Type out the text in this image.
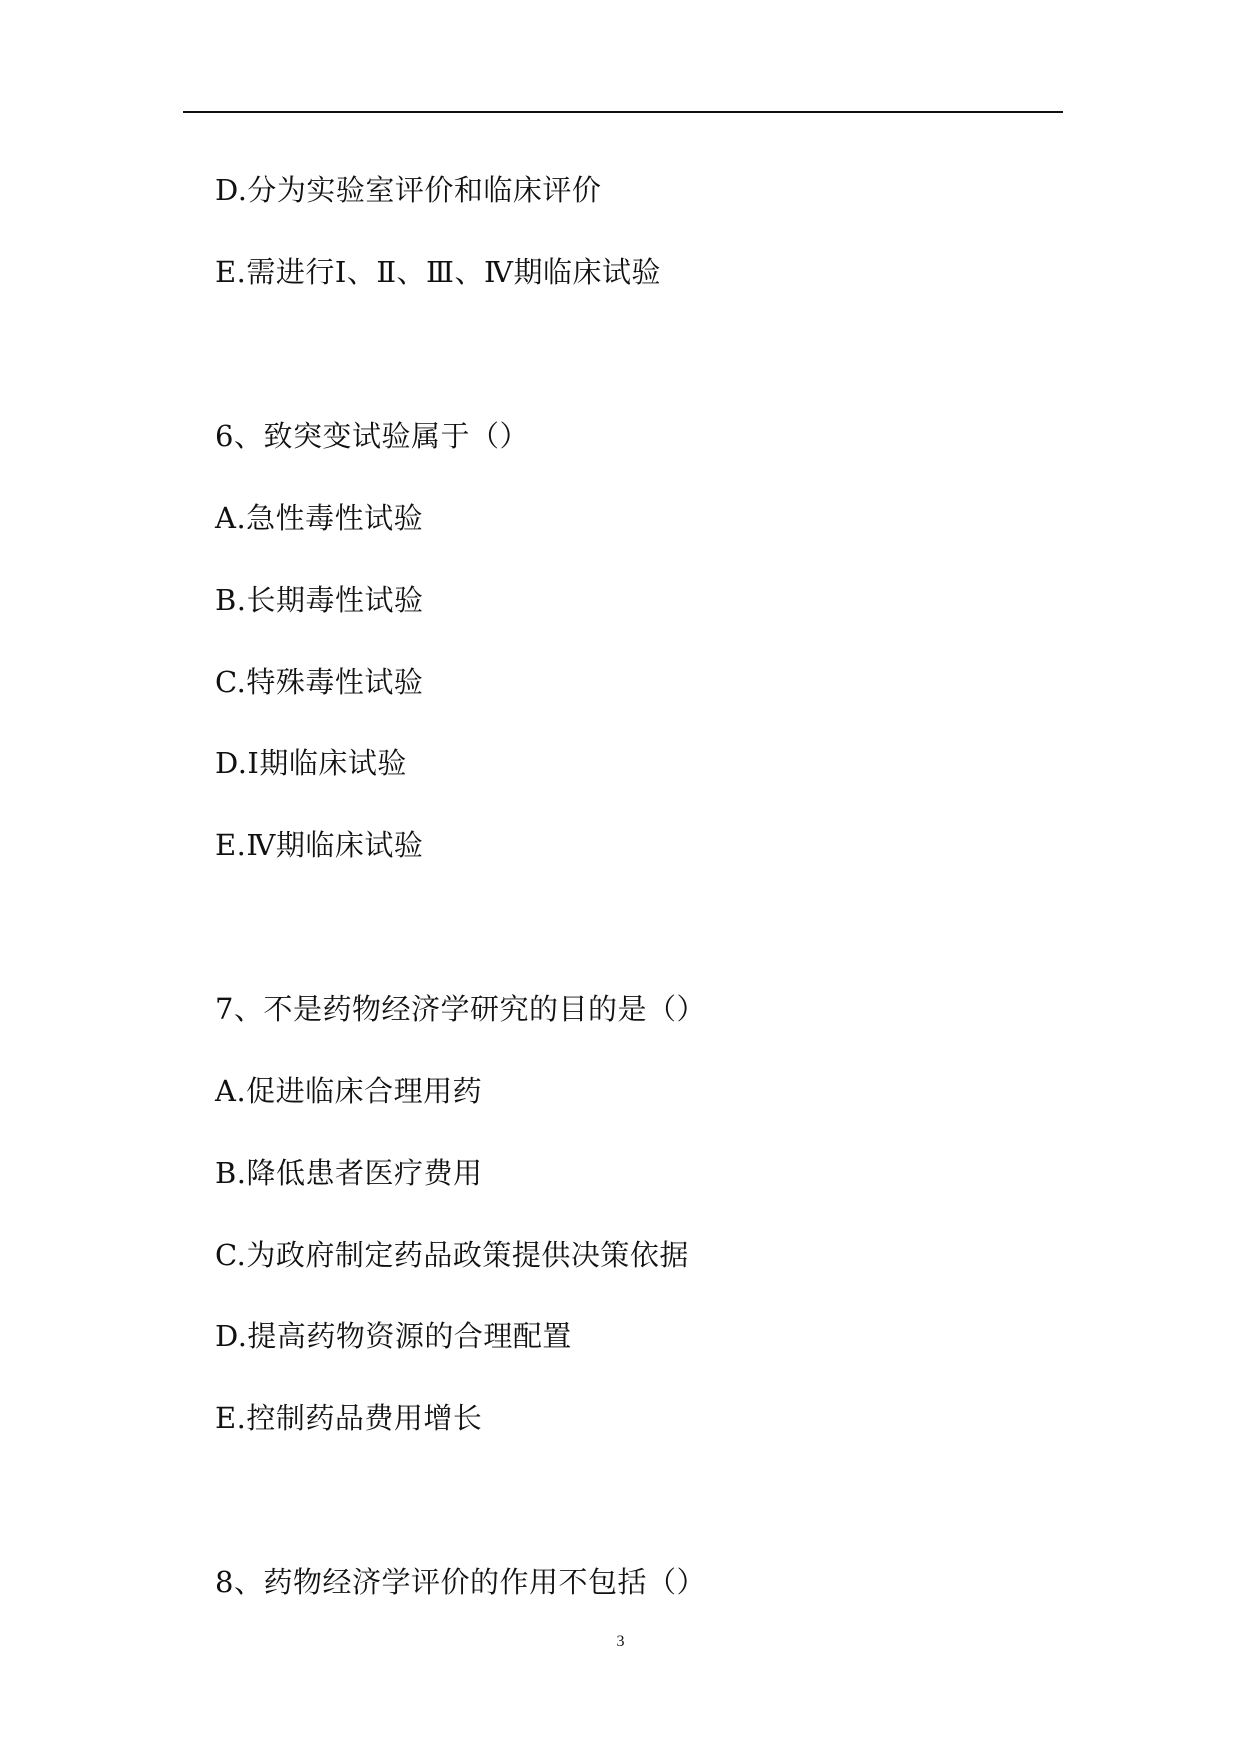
D.分为实验室评价和临床评价
E.需进行Ⅰ、Ⅱ、Ⅲ、Ⅳ期临床试验
6、致突变试验属于（）
A.急性毒性试验
B.长期毒性试验
C.特殊毒性试验
D.Ⅰ期临床试验
E.Ⅳ期临床试验
7、不是药物经济学研究的目的是（）
A.促进临床合理用药
B.降低患者医疗费用
C.为政府制定药品政策提供决策依据
D.提高药物资源的合理配置
E.控制药品费用增长
8、药物经济学评价的作用不包括（）
3
